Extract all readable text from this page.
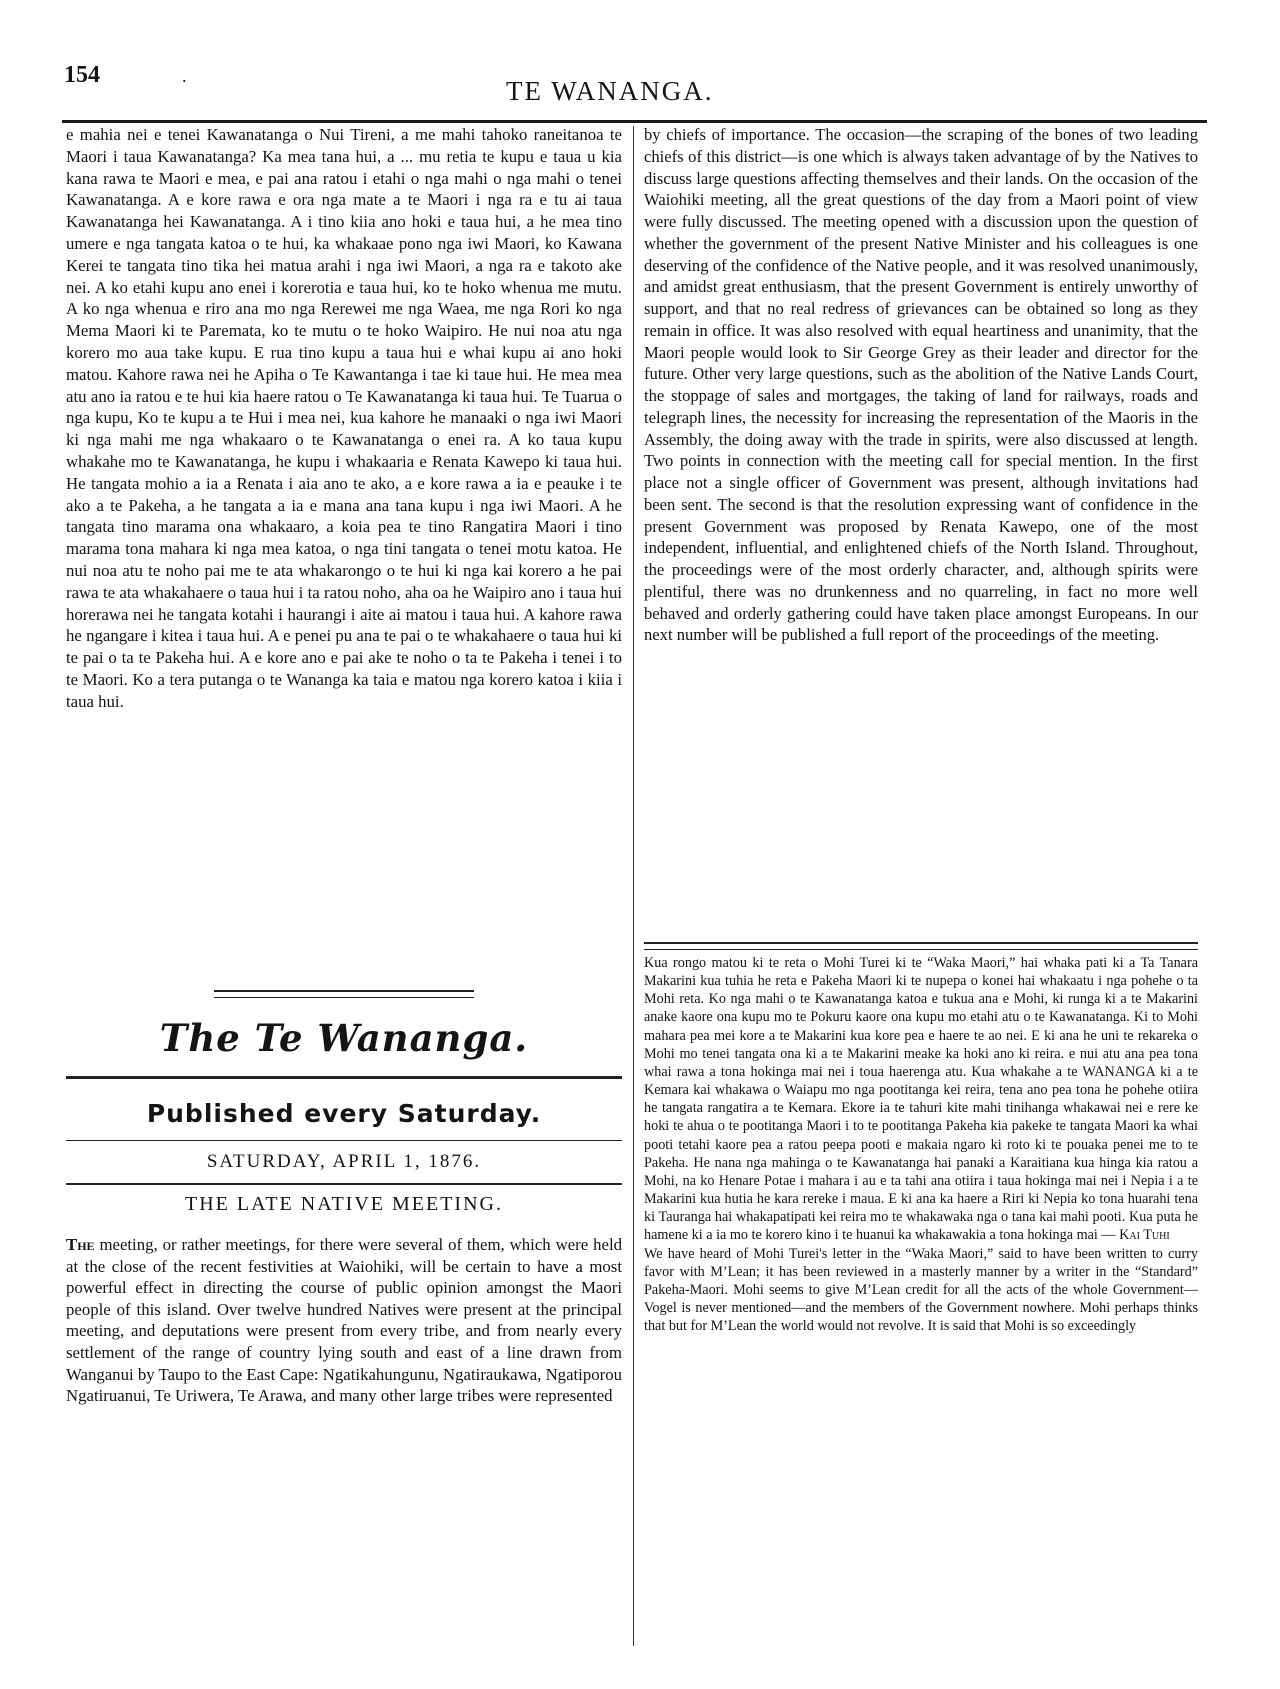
154	.	TE WANANGA.

e mahia nei e tenei Kawanatanga o Nui Tireni, a me mahi tahoko raneitanoa te Maori i taua Kawanatanga? Ka mea tana hui, a ... mu retia te kupu e taua u kia kana rawa te Maori e mea, e pai ana ratou i etahi o nga mahi o nga mahi o tenei Kawanatanga. A e kore rawa e ora nga mate a te Maori i nga ra e tu ai taua Kawanatanga hei Kawanatanga. A i tino kiia ano hoki e taua hui, a he mea tino umere e nga tangata katoa o te hui, ka whakaae pono nga iwi Maori, ko Kawana Kerei te tangata tino tika hei matua arahi i nga iwi Maori, a nga ra e takoto ake nei. A ko etahi kupu ano enei i korerotia e taua hui, ko te hoko whenua me mutu. A ko nga whenua e riro ana mo nga Rerewei me nga Waea, me nga Rori ko nga Mema Maori ki te Paremata, ko te mutu o te hoko Waipiro. He nui noa atu nga korero mo aua take kupu. E rua tino kupu a taua hui e whai kupu ai ano hoki matou. Kahore rawa nei he Apiha o Te Kawantanga i tae ki taue hui. He mea mea atu ano ia ratou e te hui kia haere ratou o Te Kawanatanga ki taua hui. Te Tuarua o nga kupu, Ko te kupu a te Hui i mea nei, kua kahore he manaaki o nga iwi Maori ki nga mahi me nga whakaaro o te Kawanatanga o enei ra. A ko taua kupu whakahe mo te Kawanatanga, he kupu i whakaaria e Renata Kawepo ki taua hui. He tangata mohio a ia a Renata i aia ano te ako, a e kore rawa a ia e peauke i te ako a te Pakeha, a he tangata a ia e mana ana tana kupu i nga iwi Maori. A he tangata tino marama ona whakaaro, a koia pea te tino Rangatira Maori i tino marama tona mahara ki nga mea katoa, o nga tini tangata o tenei motu katoa. He nui noa atu te noho pai me te ata whakarongo o te hui ki nga kai korero a he pai rawa te ata whakahaere o taua hui i ta ratou noho, aha oa he Waipiro ano i taua hui horerawa nei he tangata kotahi i haurangi i aite ai matou i taua hui. A kahore rawa he ngangare i kitea i taua hui. A e penei pu ana te pai o te whakahaere o taua hui ki te pai o ta te Pakeha hui. A e kore ano e pai ake te noho o ta te Pakeha i tenei i to te Maori. Ko a tera putanga o te Wananga ka taia e matou nga korero katoa i kiia i taua hui.

The Te Wananga.
Published every Saturday.
SATURDAY, APRIL 1, 1876.
THE LATE NATIVE MEETING.

The meeting, or rather meetings, for there were several of them, which were held at the close of the recent festivities at Waiohiki, will be certain to have a most powerful effect in directing the course of public opinion amongst the Maori people of this island. Over twelve hundred Natives were present at the principal meeting, and deputations were present from every tribe, and from nearly every settlement of the range of country lying south and east of a line drawn from Wanganui by Taupo to the East Cape: Ngatikahungunu, Ngatiraukawa, Ngatiporou Ngatiruanui, Te Uriwera, Te Arawa, and many other large tribes were represented

by chiefs of importance. The occasion—the scraping of the bones of two leading chiefs of this district—is one which is always taken advantage of by the Natives to discuss large questions affecting themselves and their lands. On the occasion of the Waiohiki meeting, all the great questions of the day from a Maori point of view were fully discussed. The meeting opened with a discussion upon the question of whether the government of the present Native Minister and his colleagues is one deserving of the confidence of the Native people, and it was resolved unanimously, and amidst great enthusiasm, that the present Government is entirely unworthy of support, and that no real redress of grievances can be obtained so long as they remain in office. It was also resolved with equal heartiness and unanimity, that the Maori people would look to Sir George Grey as their leader and director for the future. Other very large questions, such as the abolition of the Native Lands Court, the stoppage of sales and mortgages, the taking of land for railways, roads and telegraph lines, the necessity for increasing the representation of the Maoris in the Assembly, the doing away with the trade in spirits, were also discussed at length. Two points in connection with the meeting call for special mention. In the first place not a single officer of Government was present, although invitations had been sent. The second is that the resolution expressing want of confidence in the present Government was proposed by Renata Kawepo, one of the most independent, influential, and enlightened chiefs of the North Island. Throughout, the proceedings were of the most orderly character, and, although spirits were plentiful, there was no drunkenness and no quarreling, in fact no more well behaved and orderly gathering could have taken place amongst Europeans. In our next number will be published a full report of the proceedings of the meeting.

Kua rongo matou ki te reta o Mohi Turei ki te “Waka Maori,” hai whaka pati ki a Ta Tanara Makarini kua tuhia he reta e Pakeha Maori ki te nupepa o konei hai whakaatu i nga pohehe o ta Mohi reta. Ko nga mahi o te Kawanatanga katoa e tukua ana e Mohi, ki runga ki a te Makarini anake kaore ona kupu mo te Pokuru kaore ona kupu mo etahi atu o te Kawanatanga. Ki to Mohi mahara pea mei kore a te Makarini kua kore pea e haere te ao nei. E ki ana he uni te rekareka o Mohi mo tenei tangata ona ki a te Makarini meake ka hoki ano ki reira. e nui atu ana pea tona whai rawa a tona hokinga mai nei i toua haerenga atu. Kua whakahe a te WANANGA ki a te Kemara kai whakawa o Waiapu mo nga pootitanga kei reira, tena ano pea tona he pohehe otiira he tangata rangatira a te Kemara. Ekore ia te tahuri kite mahi tinihanga whakawai nei e rere ke hoki te ahua o te pootitanga Maori i to te pootitanga Pakeha kia pakeke te tangata Maori ka whai pooti tetahi kaore pea a ratou peepa pooti e makaia ngaro ki roto ki te pouaka penei me to te Pakeha. He nana nga mahinga o te Kawanatanga hai panaki a Karaitiana kua hinga kia ratou a Mohi, na ko Henare Potae i mahara i au e ta tahi ana otiira i taua hokinga mai nei i Nepia i a te Makarini kua hutia he kara rereke i maua. E ki ana ka haere a Riri ki Nepia ko tona huarahi tena ki Tauranga hai whakapatipati kei reira mo te whakawaka nga o tana kai mahi pooti. Kua puta he hamene ki a ia mo te korero kino i te huanui ka whakawakia a tona hokinga mai — Kai Tuhi

We have heard of Mohi Turei's letter in the “Waka Maori,” said to have been written to curry favor with M’Lean; it has been reviewed in a masterly manner by a writer in the “Standard” Pakeha-Maori. Mohi seems to give M’Lean credit for all the acts of the whole Government—Vogel is never mentioned—and the members of the Government nowhere. Mohi perhaps thinks that but for M’Lean the world would not revolve. It is said that Mohi is so exceedingly
